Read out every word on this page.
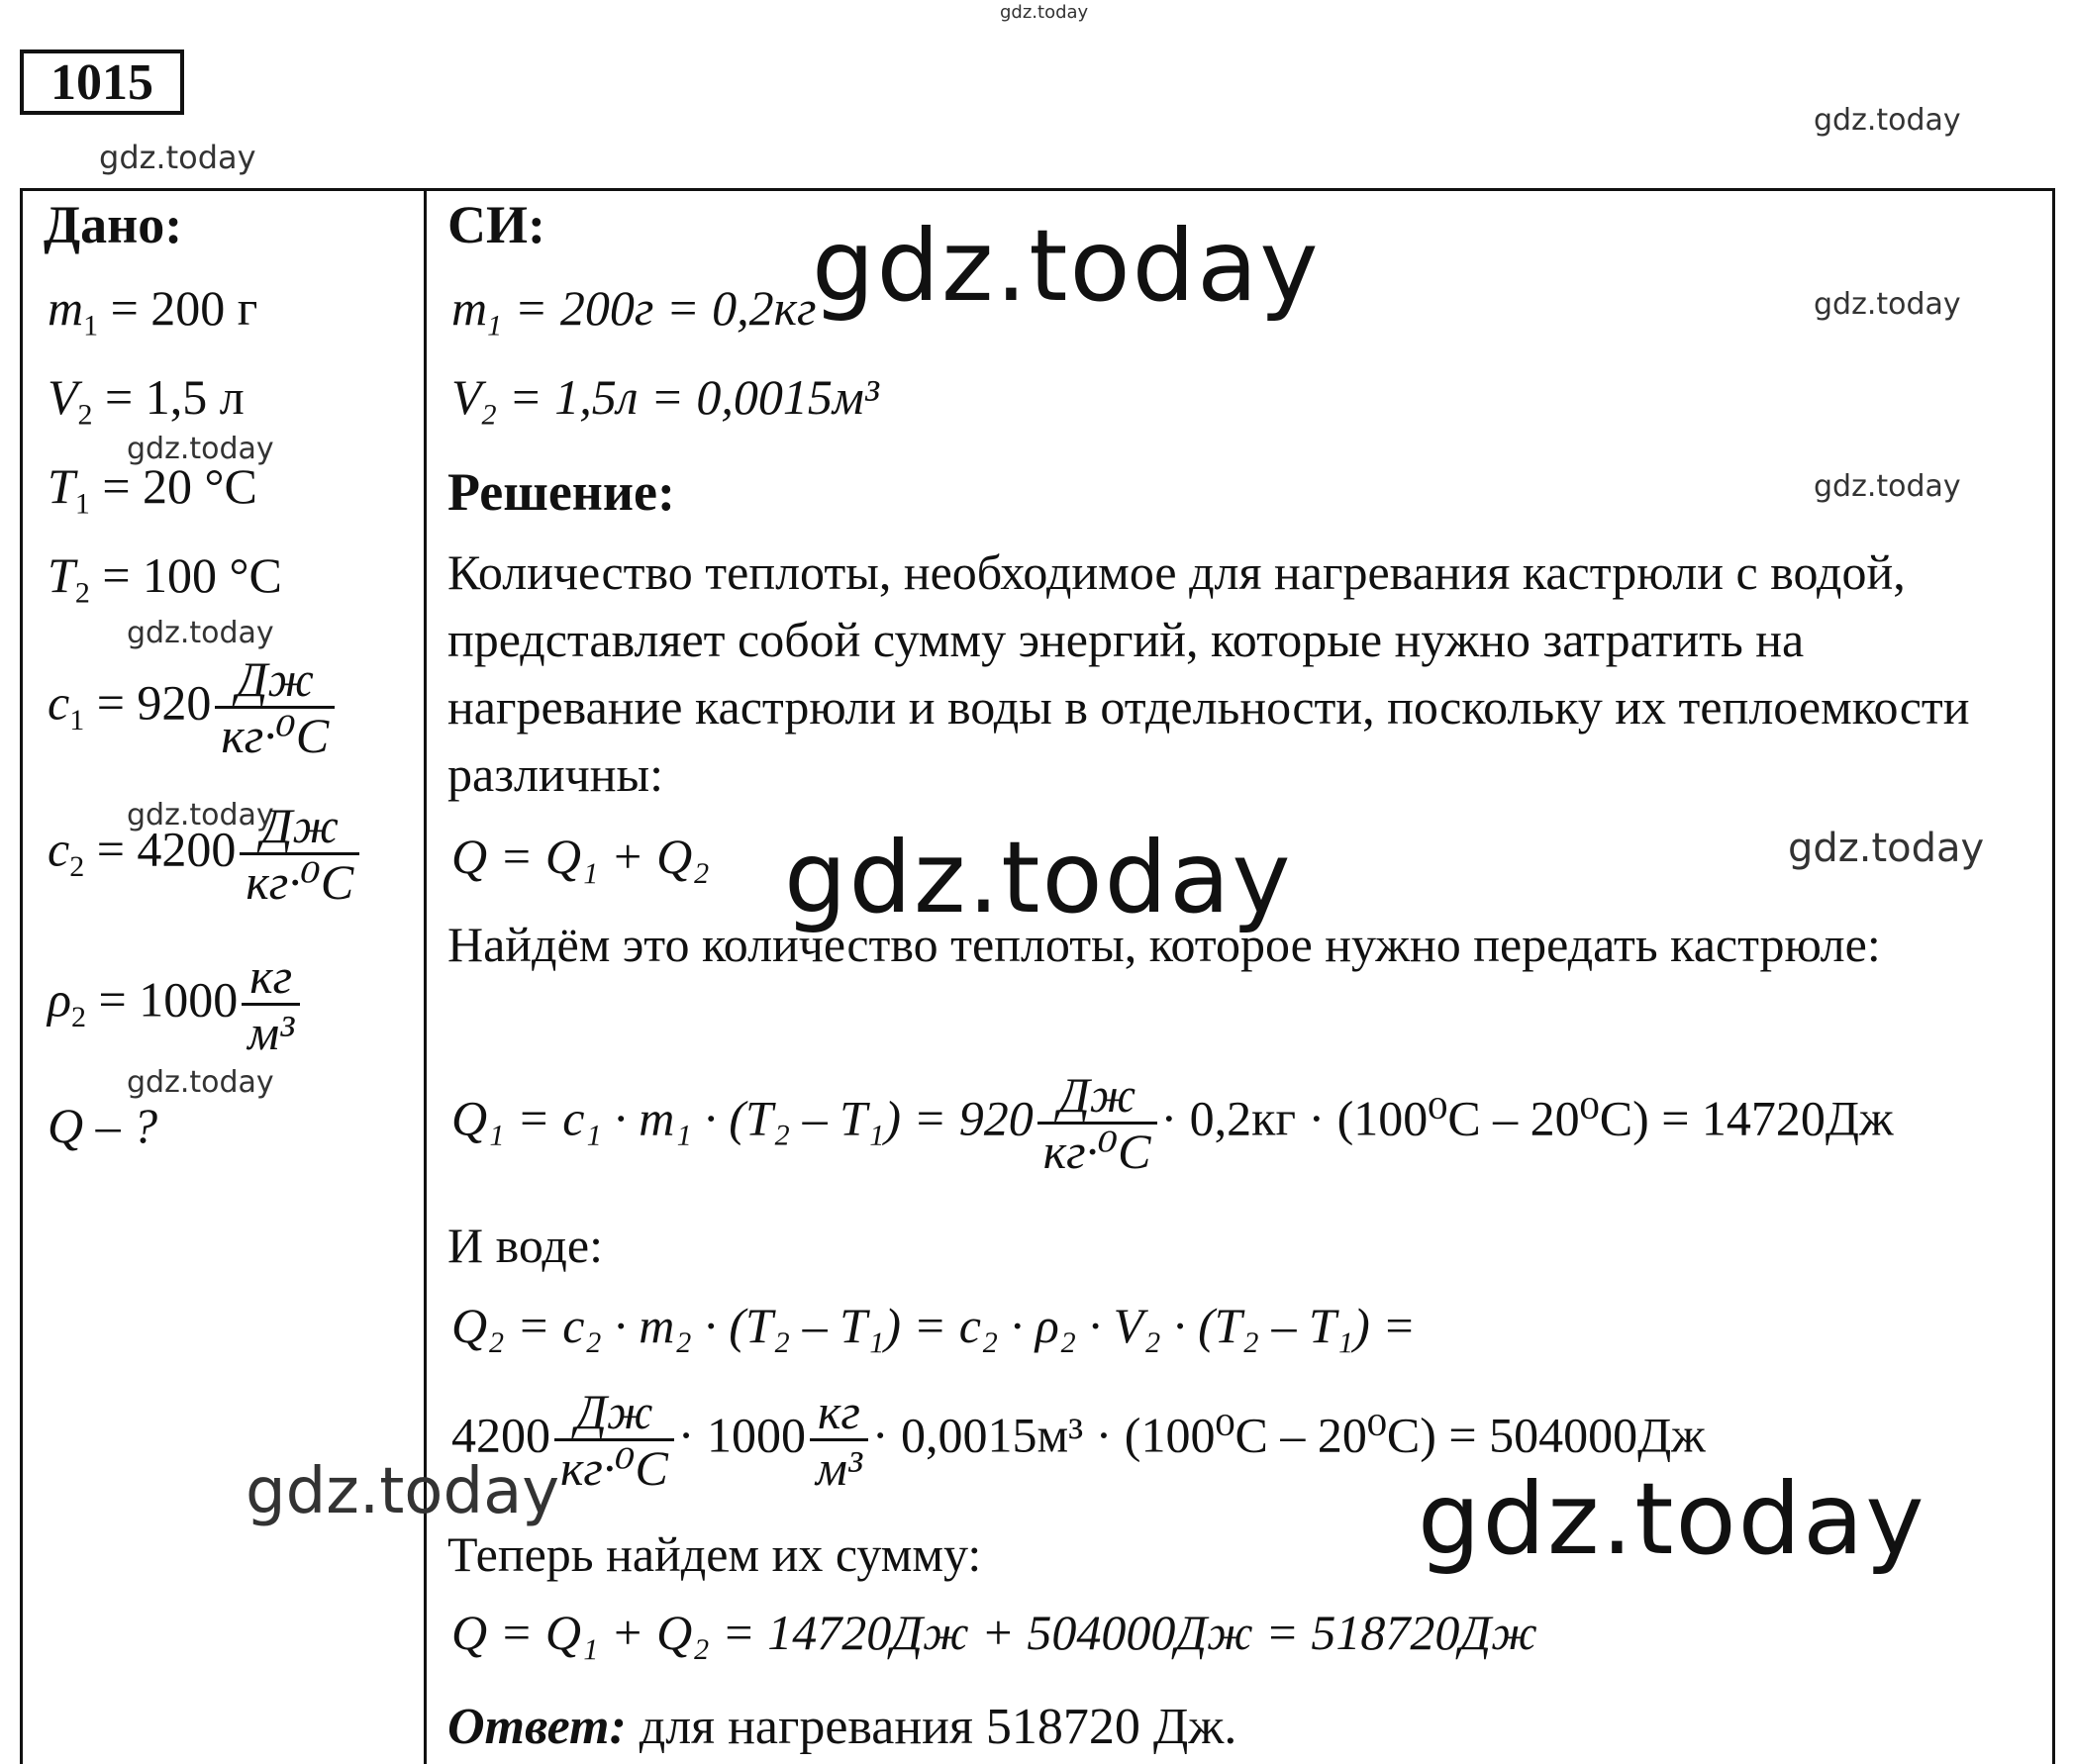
gdz.today
gdz.today
gdz.today
gdz.today
gdz.today
gdz.today
gdz.today
gdz.today
gdz.today
gdz.today
1015
Дано:
$m_1 = 200$ г
$V_2 = 1,5$ л
$T_1 = 20$ °С
$T_2 = 100$ °С
$c_1 = 920 \frac{Дж}{\text{кг·⁰С}}$
$c_2 = 4200 \frac{Дж}{\text{кг·⁰С}}$
$\rho_2 = 1000 \frac{кг}{\text{м³}}$
Q – ?
СИ:
$m_1 = 200г = 0,2кг$
$V_2 = 1,5л = 0,0015м^3$
Решение:
Количество теплоты, необходимое для нагревания кастрюли с водой, представляет собой сумму энергий, которые нужно затратить на нагревание кастрюли и воды в отдельности, поскольку их теплоемкости различны:
Q = Q₁ + Q₂
Найдём это количество теплоты, которое нужно передать кастрюле:
$Q_1 = c_1 \cdot m_1 \cdot (T_2 - T_1) = 920 \frac{Дж}{\text{кг·⁰С}} \cdot 0,2кг \cdot (100^0С - 20^0С) = 14720Дж$
И воде:
Q₂ = c₂ · m₂ · (T₂ – T₁) = c₂ · ρ₂ · V₂ · (T₂ – T₁) =
$4200 \frac{Дж}{\text{кг·⁰С}} \cdot 1000 \frac{кг}{\text{м³}} \cdot 0,0015м^3 \cdot (100^0С - 20^0С) = 504000Дж$
Теперь найдем их сумму:
Q = Q₁ + Q₂ = 14720Дж + 504000Дж = 518720Дж
Ответ: для нагревания 518720 Дж.
gdz.today
gdz.today
gdz.today	gdz.today
